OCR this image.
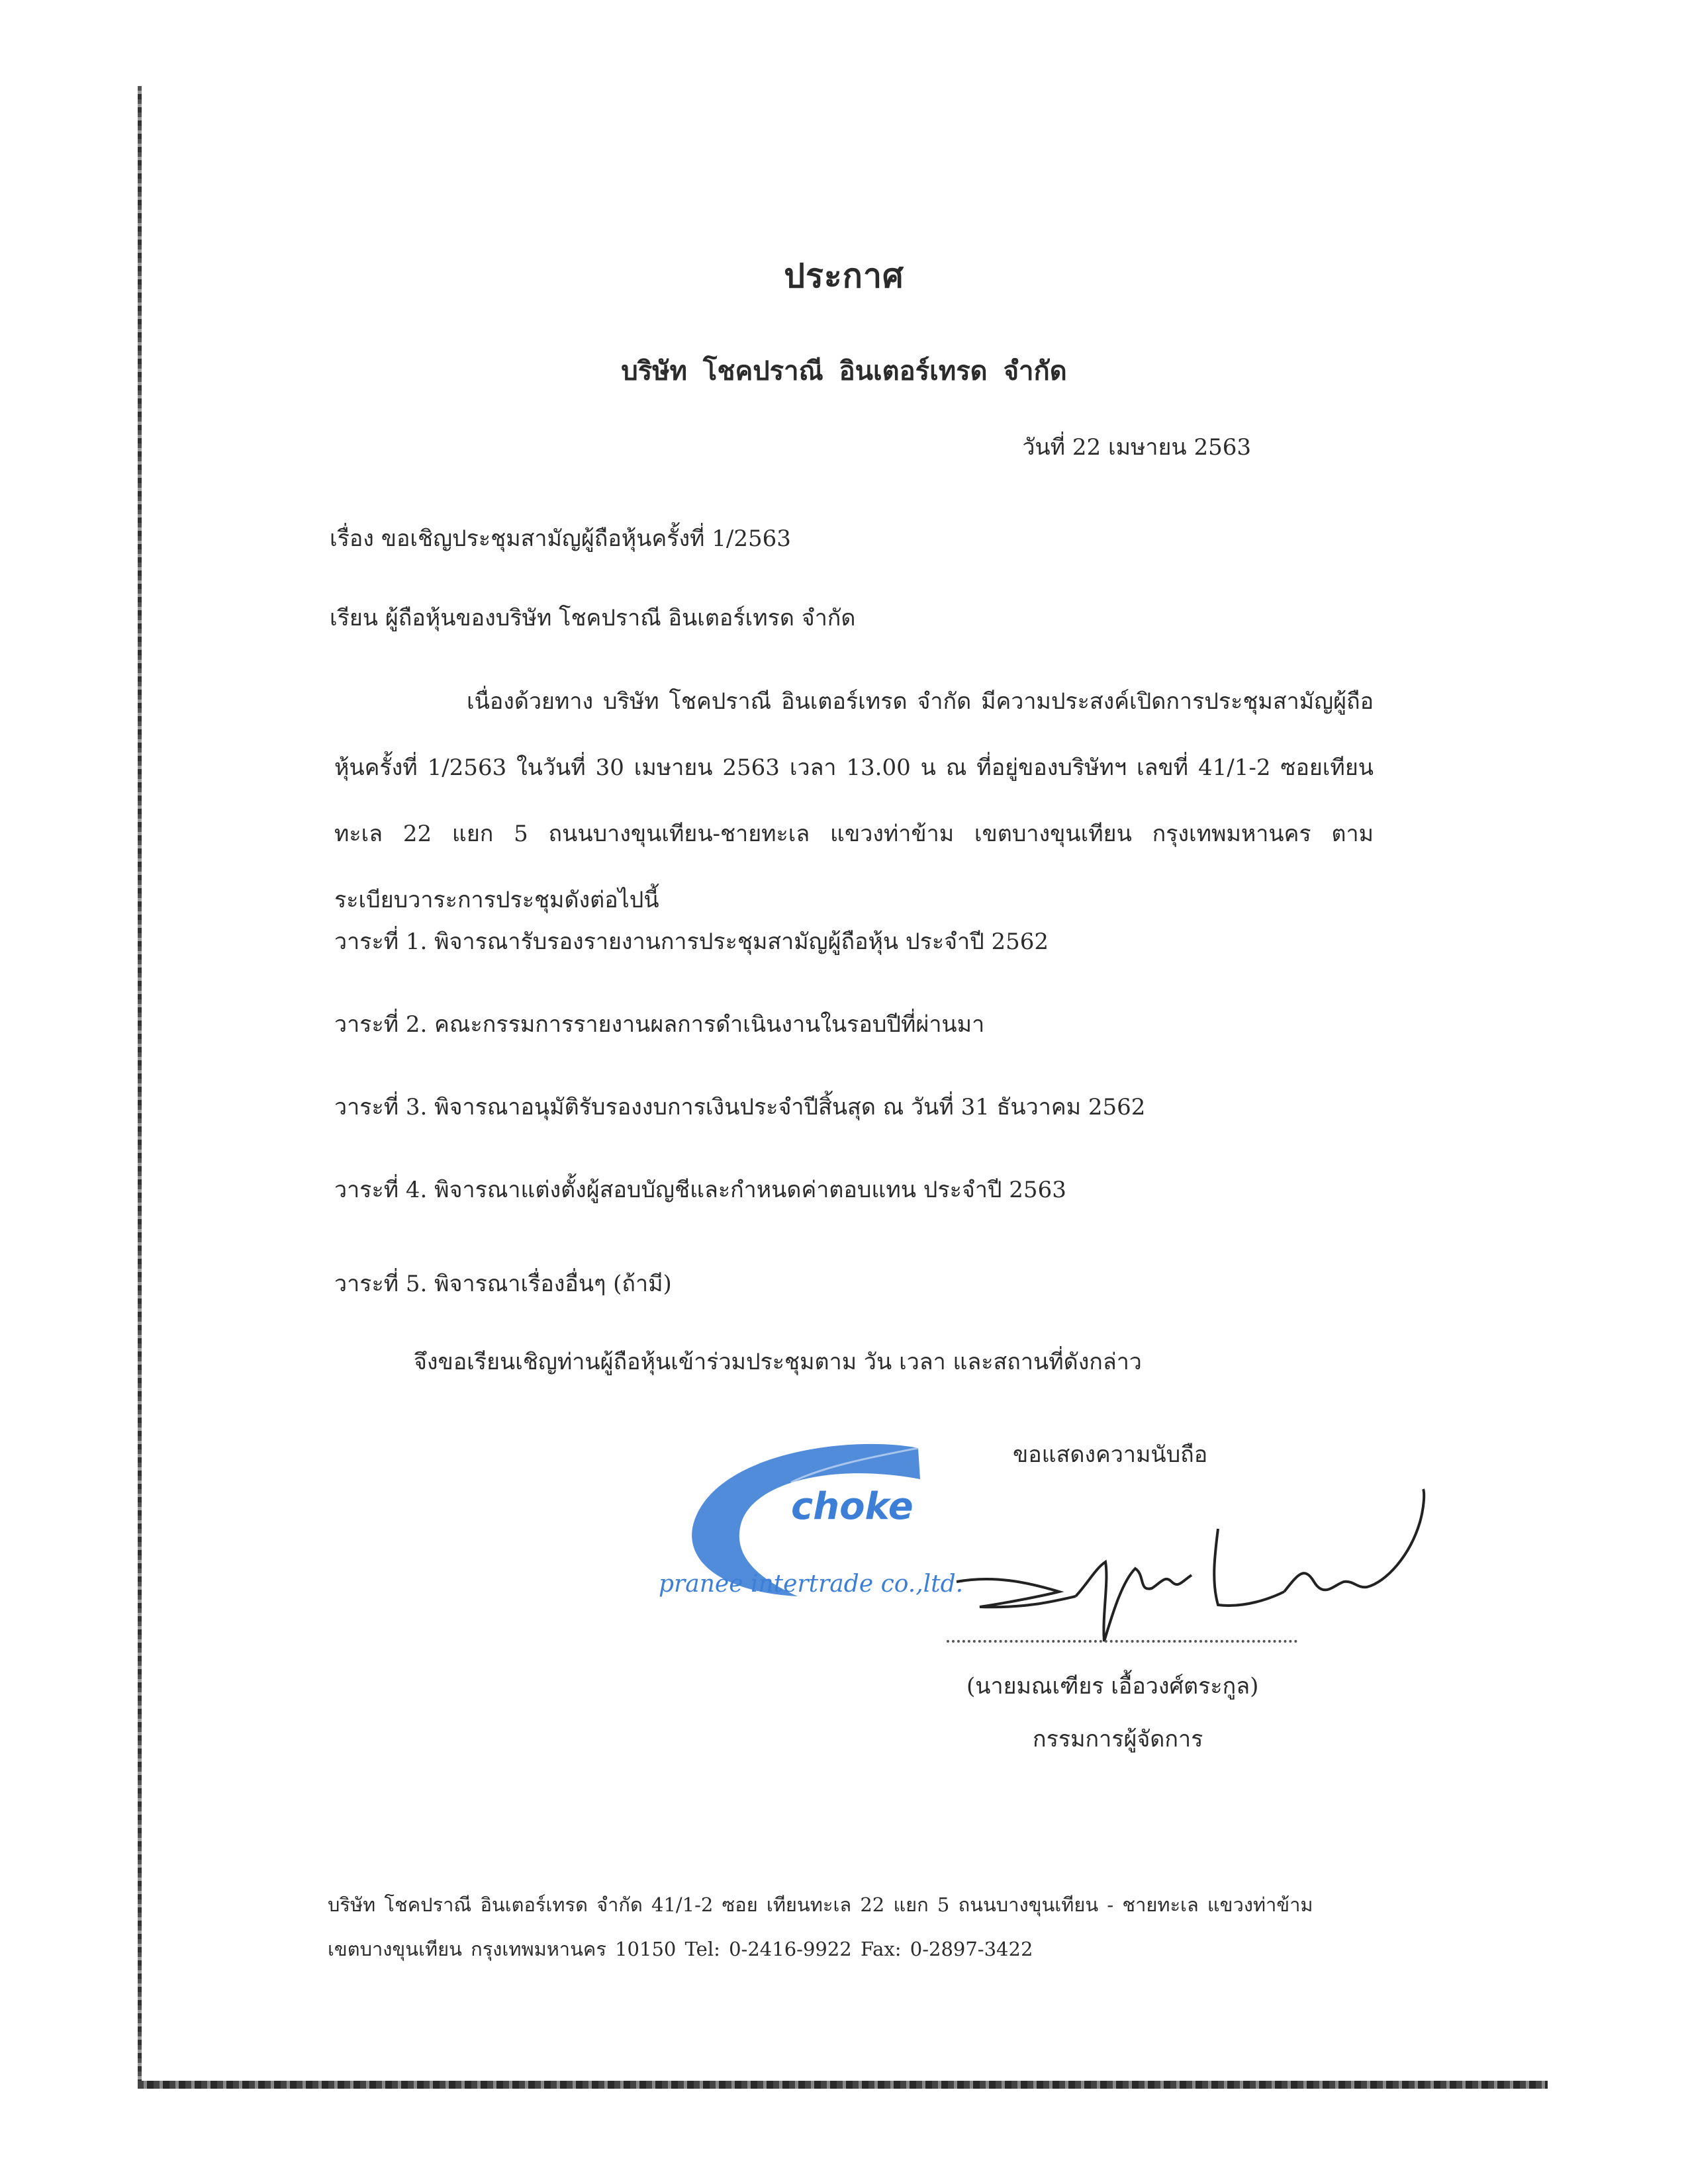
ประกาศ
บริษัท โชคปราณี อินเตอร์เทรด จำกัด
วันที่ 22 เมษายน 2563
เรื่อง ขอเชิญประชุมสามัญผู้ถือหุ้นครั้งที่ 1/2563
เรียน ผู้ถือหุ้นของบริษัท โชคปราณี อินเตอร์เทรด จำกัด
เนื่องด้วยทาง บริษัท โชคปราณี อินเตอร์เทรด จำกัด มีความประสงค์เปิดการประชุมสามัญผู้ถือหุ้นครั้งที่ 1/2563 ในวันที่ 30 เมษายน 2563 เวลา 13.00 น ณ ที่อยู่ของบริษัทฯ เลขที่ 41/1-2 ซอยเทียนทะเล 22 แยก 5 ถนนบางขุนเทียน-ชายทะเล แขวงท่าข้าม เขตบางขุนเทียน กรุงเทพมหานคร ตามระเบียบวาระการประชุมดังต่อไปนี้
วาระที่ 1. พิจารณารับรองรายงานการประชุมสามัญผู้ถือหุ้น ประจำปี 2562
วาระที่ 2. คณะกรรมการรายงานผลการดำเนินงานในรอบปีที่ผ่านมา
วาระที่ 3. พิจารณาอนุมัติรับรองงบการเงินประจำปีสิ้นสุด ณ วันที่ 31 ธันวาคม 2562
วาระที่ 4. พิจารณาแต่งตั้งผู้สอบบัญชีและกำหนดค่าตอบแทน ประจำปี 2563
วาระที่ 5. พิจารณาเรื่องอื่นๆ (ถ้ามี)
จึงขอเรียนเชิญท่านผู้ถือหุ้นเข้าร่วมประชุมตาม วัน เวลา และสถานที่ดังกล่าว
ขอแสดงความนับถือ
choke
pranee intertrade co.,ltd.
(นายมณเฑียร เอื้อวงศ์ตระกูล)
กรรมการผู้จัดการ
บริษัท โชคปราณี อินเตอร์เทรด จำกัด 41/1-2 ซอย เทียนทะเล 22 แยก 5 ถนนบางขุนเทียน - ชายทะเล แขวงท่าข้าม
เขตบางขุนเทียน กรุงเทพมหานคร 10150 Tel: 0-2416-9922 Fax: 0-2897-3422
